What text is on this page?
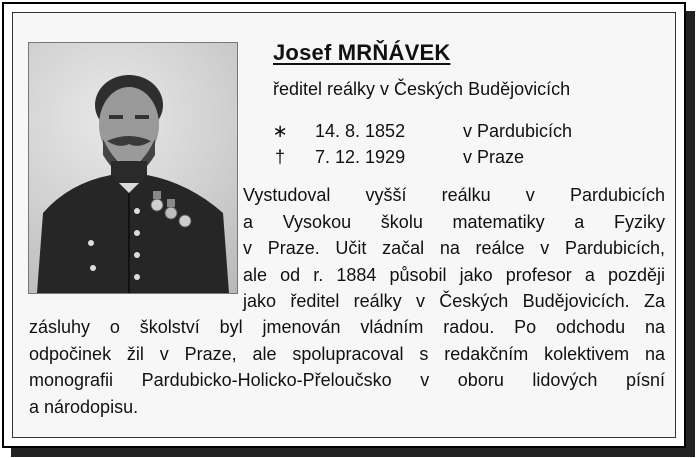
Josef MRŇÁVEK

ředitel reálky v Českých Budějovicích

∗ 14. 8. 1852	v Pardubicích
† 7. 12. 1929	v Praze
Vystudoval vyšší reálku v Pardubicích
a Vysokou školu matematiky a Fyziky
v Praze. Učit začal na reálce v Pardubicích,
ale od r. 1884 působil jako profesor a později
jako ředitel reálky v Českých Budějovicích. Za
zásluhy o školství byl jmenován vládním radou. Po odchodu na
odpočinek žil v Praze, ale spolupracoval s redakčním kolektivem na
monografii Pardubicko-Holicko-Přeloučsko v oboru lidových písní
a národopisu.
